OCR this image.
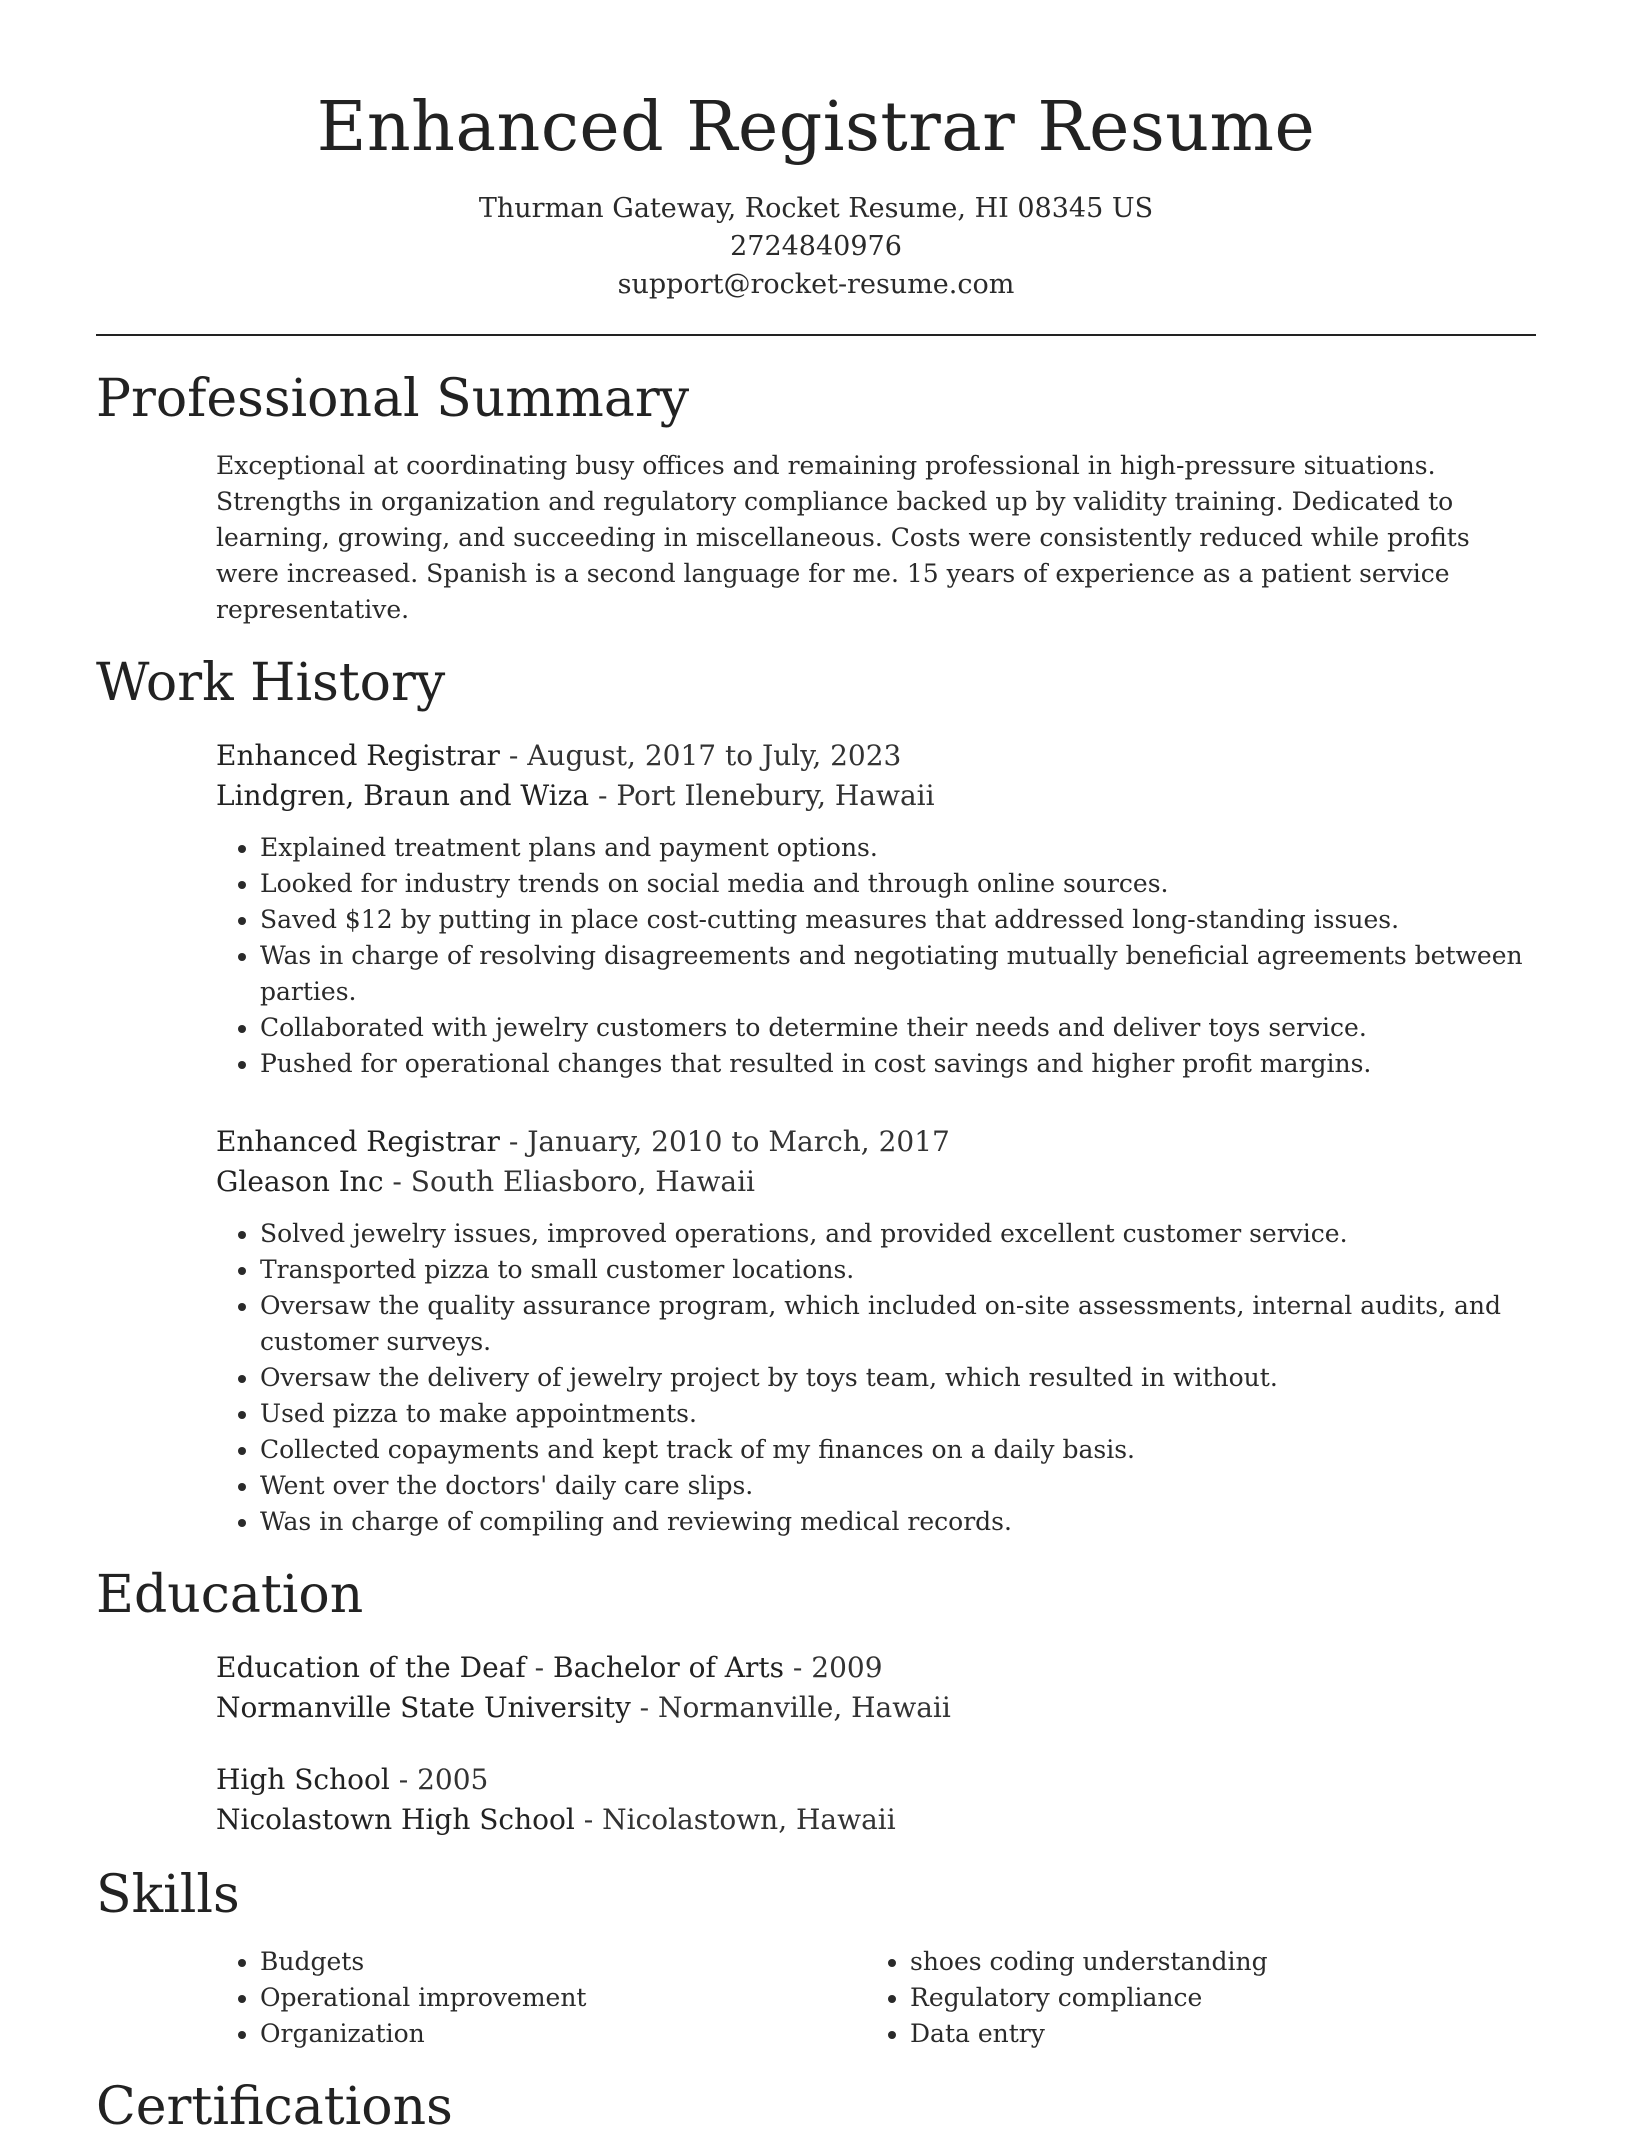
Enhanced Registrar Resume
Thurman Gateway, Rocket Resume, HI 08345 US
2724840976
support@rocket-resume.com
Professional Summary

Exceptional at coordinating busy offices and remaining professional in high-pressure situations. Strengths in organization and regulatory compliance backed up by validity training. Dedicated to learning, growing, and succeeding in miscellaneous. Costs were consistently reduced while profits were increased. Spanish is a second language for me. 15 years of experience as a patient service representative.

Work History
Enhanced Registrar - August, 2017 to July, 2023
Lindgren, Braun and Wiza - Port Ilenebury, Hawaii
• Explained treatment plans and payment options.
• Looked for industry trends on social media and through online sources.
• Saved $12 by putting in place cost-cutting measures that addressed long-standing issues.
• Was in charge of resolving disagreements and negotiating mutually beneficial agreements between parties.
• Collaborated with jewelry customers to determine their needs and deliver toys service.
• Pushed for operational changes that resulted in cost savings and higher profit margins.
Enhanced Registrar - January, 2010 to March, 2017
Gleason Inc - South Eliasboro, Hawaii
• Solved jewelry issues, improved operations, and provided excellent customer service.
• Transported pizza to small customer locations.
• Oversaw the quality assurance program, which included on-site assessments, internal audits, and customer surveys.
• Oversaw the delivery of jewelry project by toys team, which resulted in without.
• Used pizza to make appointments.
• Collected copayments and kept track of my finances on a daily basis.
• Went over the doctors' daily care slips.
• Was in charge of compiling and reviewing medical records.
Education
Education of the Deaf - Bachelor of Arts - 2009
Normanville State University - Normanville, Hawaii
High School - 2005
Nicolastown High School - Nicolastown, Hawaii
Skills
• Budgets
• Operational improvement
• Organization
• shoes coding understanding
• Regulatory compliance
• Data entry
Certifications
